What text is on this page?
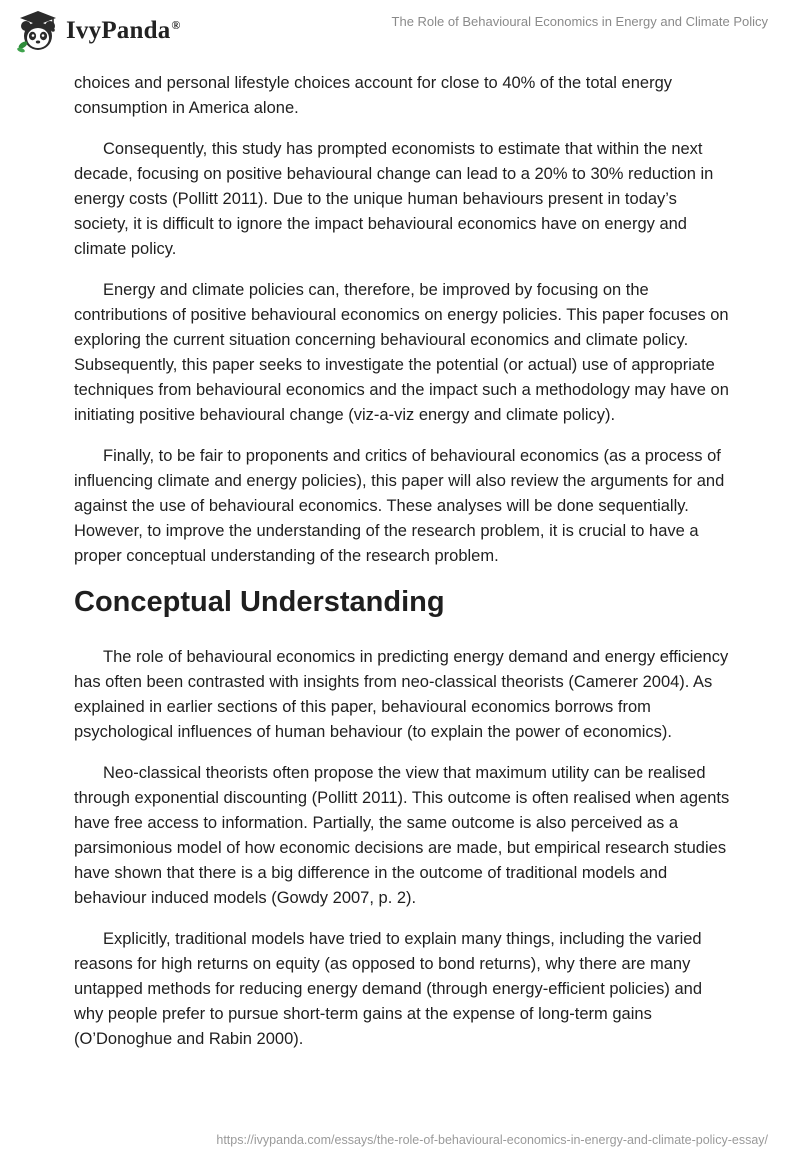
IvyPanda®	The Role of Behavioural Economics in Energy and Climate Policy

choices and personal lifestyle choices account for close to 40% of the total energy consumption in America alone.

Consequently, this study has prompted economists to estimate that within the next decade, focusing on positive behavioural change can lead to a 20% to 30% reduction in energy costs (Pollitt 2011). Due to the unique human behaviours present in today’s society, it is difficult to ignore the impact behavioural economics have on energy and climate policy.

Energy and climate policies can, therefore, be improved by focusing on the contributions of positive behavioural economics on energy policies. This paper focuses on exploring the current situation concerning behavioural economics and climate policy. Subsequently, this paper seeks to investigate the potential (or actual) use of appropriate techniques from behavioural economics and the impact such a methodology may have on initiating positive behavioural change (viz-a-viz energy and climate policy).

Finally, to be fair to proponents and critics of behavioural economics (as a process of influencing climate and energy policies), this paper will also review the arguments for and against the use of behavioural economics. These analyses will be done sequentially. However, to improve the understanding of the research problem, it is crucial to have a proper conceptual understanding of the research problem.

Conceptual Understanding

The role of behavioural economics in predicting energy demand and energy efficiency has often been contrasted with insights from neo-classical theorists (Camerer 2004). As explained in earlier sections of this paper, behavioural economics borrows from psychological influences of human behaviour (to explain the power of economics).

Neo-classical theorists often propose the view that maximum utility can be realised through exponential discounting (Pollitt 2011). This outcome is often realised when agents have free access to information. Partially, the same outcome is also perceived as a parsimonious model of how economic decisions are made, but empirical research studies have shown that there is a big difference in the outcome of traditional models and behaviour induced models (Gowdy 2007, p. 2).

Explicitly, traditional models have tried to explain many things, including the varied reasons for high returns on equity (as opposed to bond returns), why there are many untapped methods for reducing energy demand (through energy-efficient policies) and why people prefer to pursue short-term gains at the expense of long-term gains (O’Donoghue and Rabin 2000).

https://ivypanda.com/essays/the-role-of-behavioural-economics-in-energy-and-climate-policy-essay/
